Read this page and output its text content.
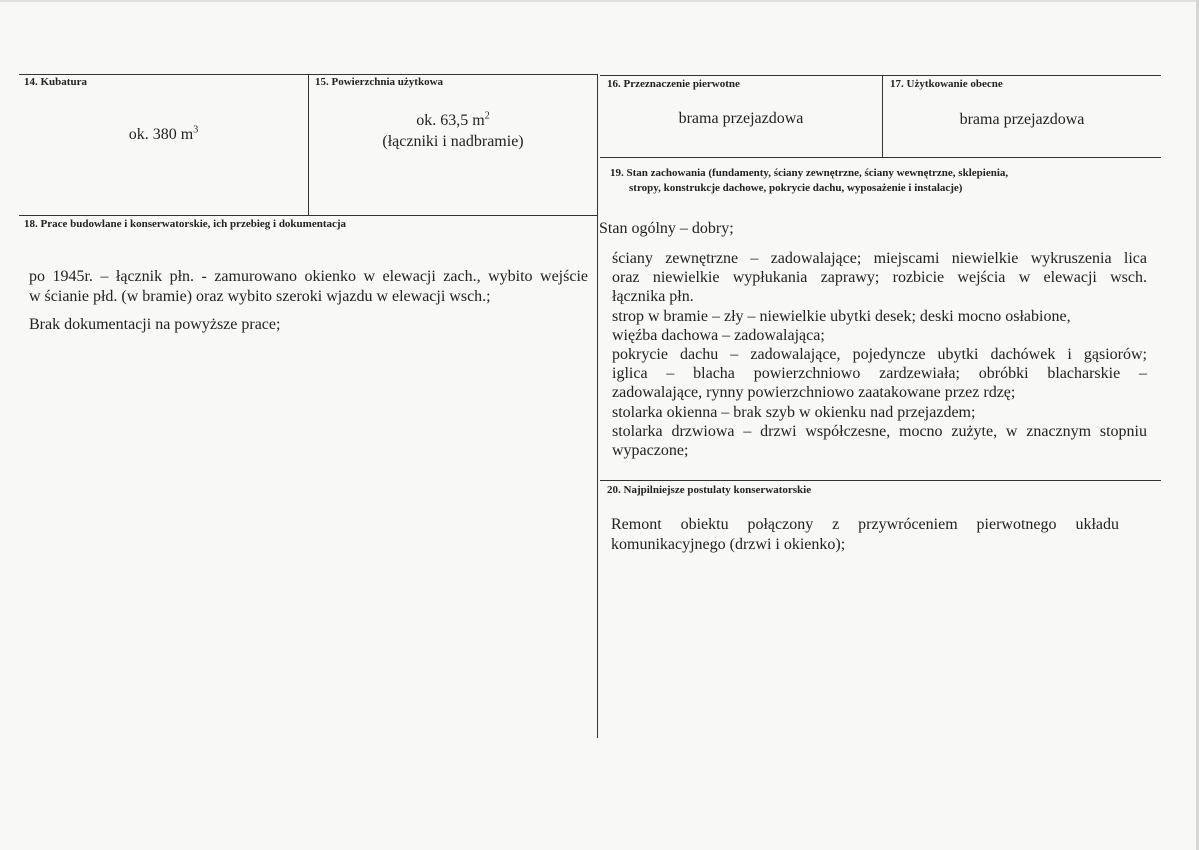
14. Kubatura
ok. 380 $m^3$
15. Powierzchnia użytkowa
ok. 63,5 $m^2$
(łączniki i nadbramie)
16. Przeznaczenie pierwotne
brama przejazdowa
17. Użytkowanie obecne
brama przejazdowa
18. Prace budowlane i konserwatorskie, ich przebieg i dokumentacja

po 1945r. – łącznik płn. - zamurowano okienko w elewacji zach., wybito wejście

w ścianie płd. (w bramie) oraz wybito szeroki wjazdu w elewacji wsch.;

Brak dokumentacji na powyższe prace;

19. Stan zachowania (fundamenty, ściany zewnętrzne, ściany wewnętrzne, sklepienia,
stropy, konstrukcje dachowe, pokrycie dachu, wyposażenie i instalacje)
Stan ogólny – dobry;

ściany zewnętrzne – zadowalające; miejscami niewielkie wykruszenia lica

oraz niewielkie wypłukania zaprawy; rozbicie wejścia w elewacji wsch.

łącznika płn.

strop w bramie – zły – niewielkie ubytki desek; deski mocno osłabione,

więźba dachowa – zadowalająca;

pokrycie dachu – zadowalające, pojedyncze ubytki dachówek i gąsiorów;

iglica – blacha powierzchniowo zardzewiała; obróbki blacharskie –

zadowalające, rynny powierzchniowo zaatakowane przez rdzę;

stolarka okienna – brak szyb w okienku nad przejazdem;

stolarka drzwiowa – drzwi współczesne, mocno zużyte, w znacznym stopniu

wypaczone;

20. Najpilniejsze postulaty konserwatorskie

Remont obiektu połączony z przywróceniem pierwotnego układu

komunikacyjnego (drzwi i okienko);
